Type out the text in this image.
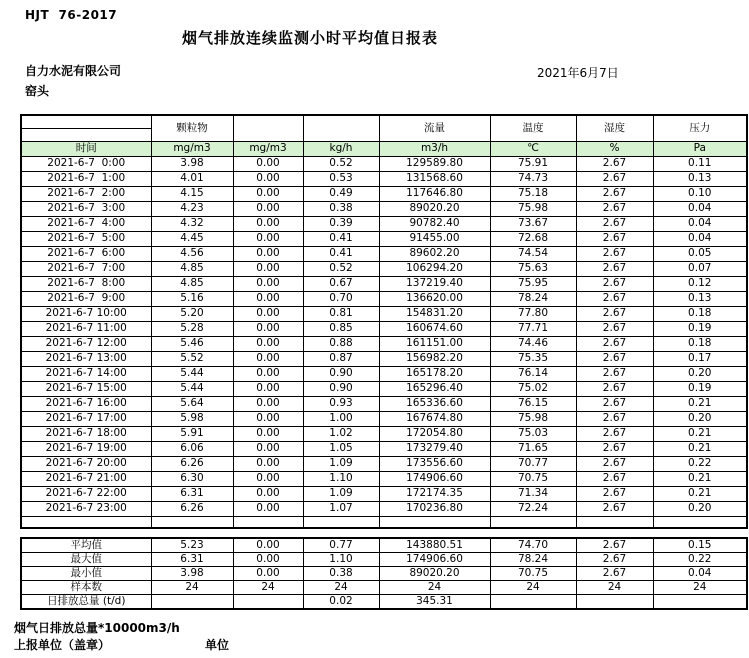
HJT  76-2017
烟气排放连续监测小时平均值日报表
自力水泥有限公司	2021年6月7日
窑头
	颗粒物			流量	温度	湿度	压力

时间	mg/m3	mg/m3	kg/h	m3/h	℃	%	Pa
2021-6-7  0:00	3.98	0.00	0.52	129589.80	75.91	2.67	0.11
2021-6-7  1:00	4.01	0.00	0.53	131568.60	74.73	2.67	0.13
2021-6-7  2:00	4.15	0.00	0.49	117646.80	75.18	2.67	0.10
2021-6-7  3:00	4.23	0.00	0.38	89020.20	75.98	2.67	0.04
2021-6-7  4:00	4.32	0.00	0.39	90782.40	73.67	2.67	0.04
2021-6-7  5:00	4.45	0.00	0.41	91455.00	72.68	2.67	0.04
2021-6-7  6:00	4.56	0.00	0.41	89602.20	74.54	2.67	0.05
2021-6-7  7:00	4.85	0.00	0.52	106294.20	75.63	2.67	0.07
2021-6-7  8:00	4.85	0.00	0.67	137219.40	75.95	2.67	0.12
2021-6-7  9:00	5.16	0.00	0.70	136620.00	78.24	2.67	0.13
2021-6-7 10:00	5.20	0.00	0.81	154831.20	77.80	2.67	0.18
2021-6-7 11:00	5.28	0.00	0.85	160674.60	77.71	2.67	0.19
2021-6-7 12:00	5.46	0.00	0.88	161151.00	74.46	2.67	0.18
2021-6-7 13:00	5.52	0.00	0.87	156982.20	75.35	2.67	0.17
2021-6-7 14:00	5.44	0.00	0.90	165178.20	76.14	2.67	0.20
2021-6-7 15:00	5.44	0.00	0.90	165296.40	75.02	2.67	0.19
2021-6-7 16:00	5.64	0.00	0.93	165336.60	76.15	2.67	0.21
2021-6-7 17:00	5.98	0.00	1.00	167674.80	75.98	2.67	0.20
2021-6-7 18:00	5.91	0.00	1.02	172054.80	75.03	2.67	0.21
2021-6-7 19:00	6.06	0.00	1.05	173279.40	71.65	2.67	0.21
2021-6-7 20:00	6.26	0.00	1.09	173556.60	70.77	2.67	0.22
2021-6-7 21:00	6.30	0.00	1.10	174906.60	70.75	2.67	0.21
2021-6-7 22:00	6.31	0.00	1.09	172174.35	71.34	2.67	0.21
2021-6-7 23:00	6.26	0.00	1.07	170236.80	72.24	2.67	0.20

平均值	5.23	0.00	0.77	143880.51	74.70	2.67	0.15
最大值	6.31	0.00	1.10	174906.60	78.24	2.67	0.22
最小值	3.98	0.00	0.38	89020.20	70.75	2.67	0.04
样本数	24	24	24	24	24	24	24
日排放总量 (t/d)			0.02	345.31			
烟气日排放总量*10000m3/h
上报单位（盖章）	单位
